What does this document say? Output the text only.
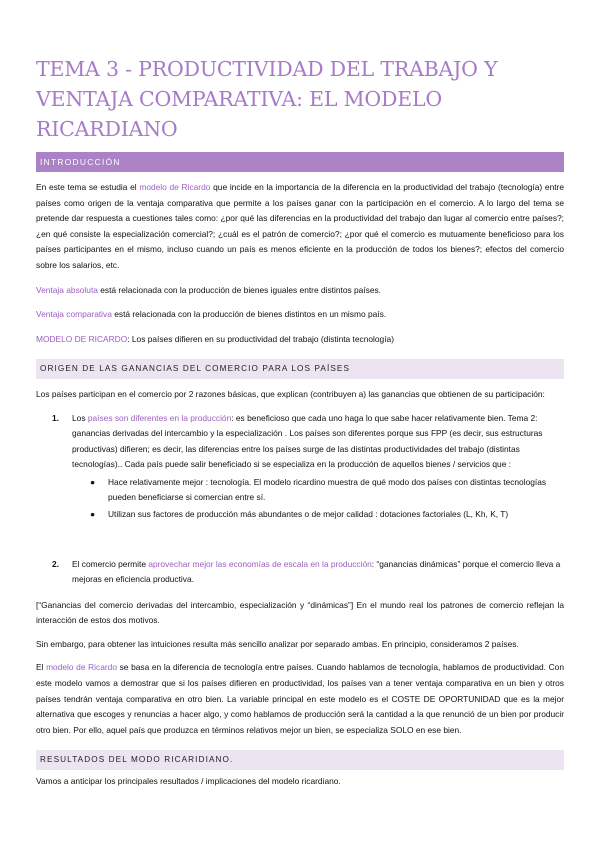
TEMA 3 - PRODUCTIVIDAD DEL TRABAJO Y VENTAJA COMPARATIVA: EL MODELO RICARDIANO
INTRODUCCIÓN

En este tema se estudia el modelo de Ricardo que incide en la importancia de la diferencia en la productividad del trabajo (tecnología) entre países como origen de la ventaja comparativa que permite a los países ganar con la participación en el comercio. A lo largo del tema se pretende dar respuesta a cuestiones tales como: ¿por qué las diferencias en la productividad del trabajo dan lugar al comercio entre países?; ¿en qué consiste la especialización comercial?; ¿cuál es el patrón de comercio?; ¿por qué el comercio es mutuamente beneficioso para los países participantes en el mismo, incluso cuando un país es menos eficiente en la producción de todos los bienes?; efectos del comercio sobre los salarios, etc.

Ventaja absoluta está relacionada con la producción de bienes iguales entre distintos países.

Ventaja comparativa está relacionada con la producción de bienes distintos en un mismo país.

MODELO DE RICARDO: Los países difieren en su productividad del trabajo (distinta tecnología)

ORIGEN DE LAS GANANCIAS DEL COMERCIO PARA LOS PAÍSES

Los países participan en el comercio por 2 razones básicas, que explican (contribuyen a) las ganancias que obtienen de su participación:

1. Los países son diferentes en la producción: es beneficioso que cada uno haga lo que sabe hacer relativamente bien. Tema 2: ganancias derivadas del intercambio y la especialización . Los países son diferentes porque sus FPP (es decir, sus estructuras productivas) difieren; es decir, las diferencias entre los países surge de las distintas productividades del trabajo (distintas tecnologías).. Cada país puede salir beneficiado si se especializa en la producción de aquellos bienes / servicios que :
● Hace relativamente mejor : tecnología. El modelo ricardino muestra de qué modo dos países con distintas tecnologías pueden beneficiarse si comercian entre sí.
● Utilizan sus factores de producción más abundantes o de mejor calidad : dotaciones factoriales (L, Kh, K, T)
2. El comercio permite aprovechar mejor las economías de escala en la producción: “ganancias dinámicas” porque el comercio lleva a mejoras en eficiencia productiva.

[“Ganancias del comercio derivadas del intercambio, especialización y “dinámicas”] En el mundo real los patrones de comercio reflejan la interacción de estos dos motivos.

Sin embargo, para obtener las intuiciones resulta más sencillo analizar por separado ambas. En principio, consideramos 2 países.

El modelo de Ricardo se basa en la diferencia de tecnología entre países. Cuando hablamos de tecnología, hablamos de productividad. Con este modelo vamos a demostrar que si los países difieren en productividad, los países van a tener ventaja comparativa en un bien y otros países tendrán ventaja comparativa en otro bien. La variable principal en este modelo es el COSTE DE OPORTUNIDAD que es la mejor alternativa que escoges y renuncias a hacer algo, y como hablamos de producción será la cantidad a la que renunció de un bien por producir otro bien. Por ello, aquel país que produzca en términos relativos mejor un bien, se especializa SOLO en ese bien.

RESULTADOS DEL MODO RICARIDIANO.

Vamos a anticipar los principales resultados / implicaciones del modelo ricardiano.
